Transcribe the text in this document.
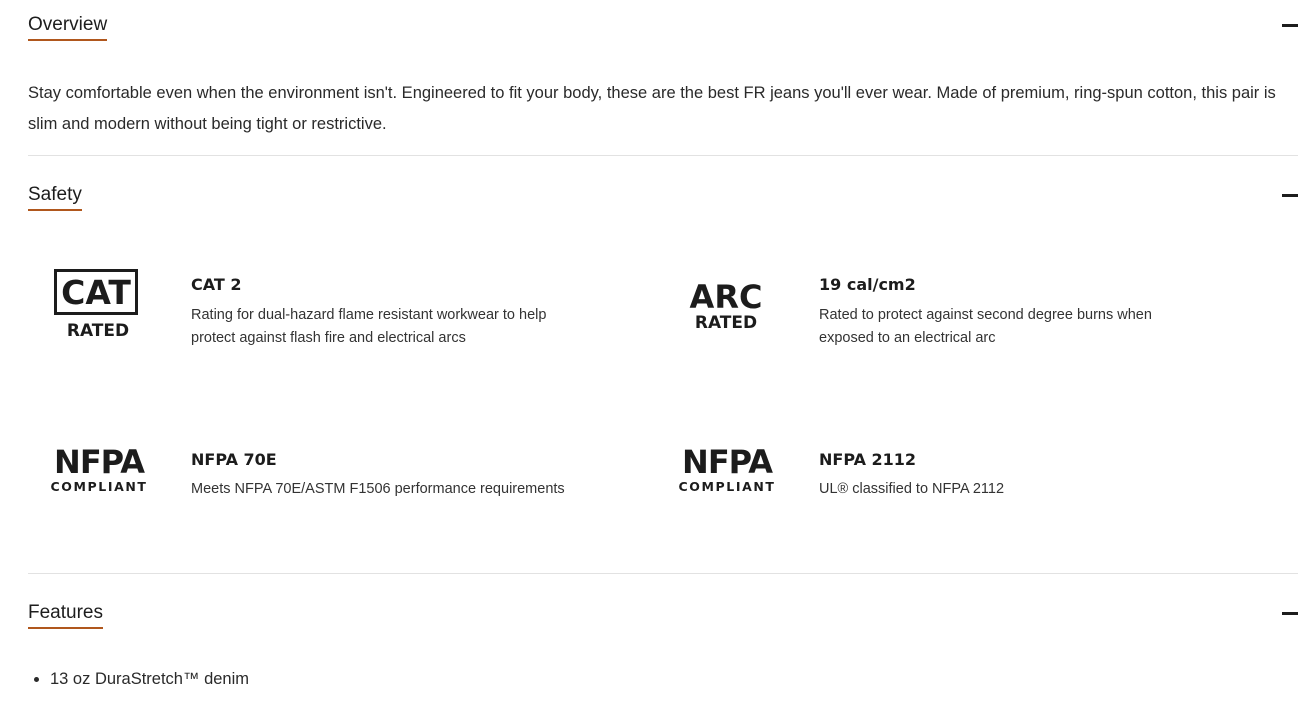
Overview

Stay comfortable even when the environment isn't. Engineered to fit your body, these are the best FR jeans you'll ever wear. Made of premium, ring-spun cotton, this pair is slim and modern without being tight or restrictive.

Safety
CAT
RATED
CAT 2

Rating for dual-hazard flame resistant workwear to help protect against flash fire and electrical arcs

ARC
RATED
19 cal/cm2

Rated to protect against second degree burns when exposed to an electrical arc

NFPA
COMPLIANT
NFPA 70E

Meets NFPA 70E/ASTM F1506 performance requirements

NFPA
COMPLIANT
NFPA 2112

UL® classified to NFPA 2112

Features
• 13 oz DuraStretch™ denim
